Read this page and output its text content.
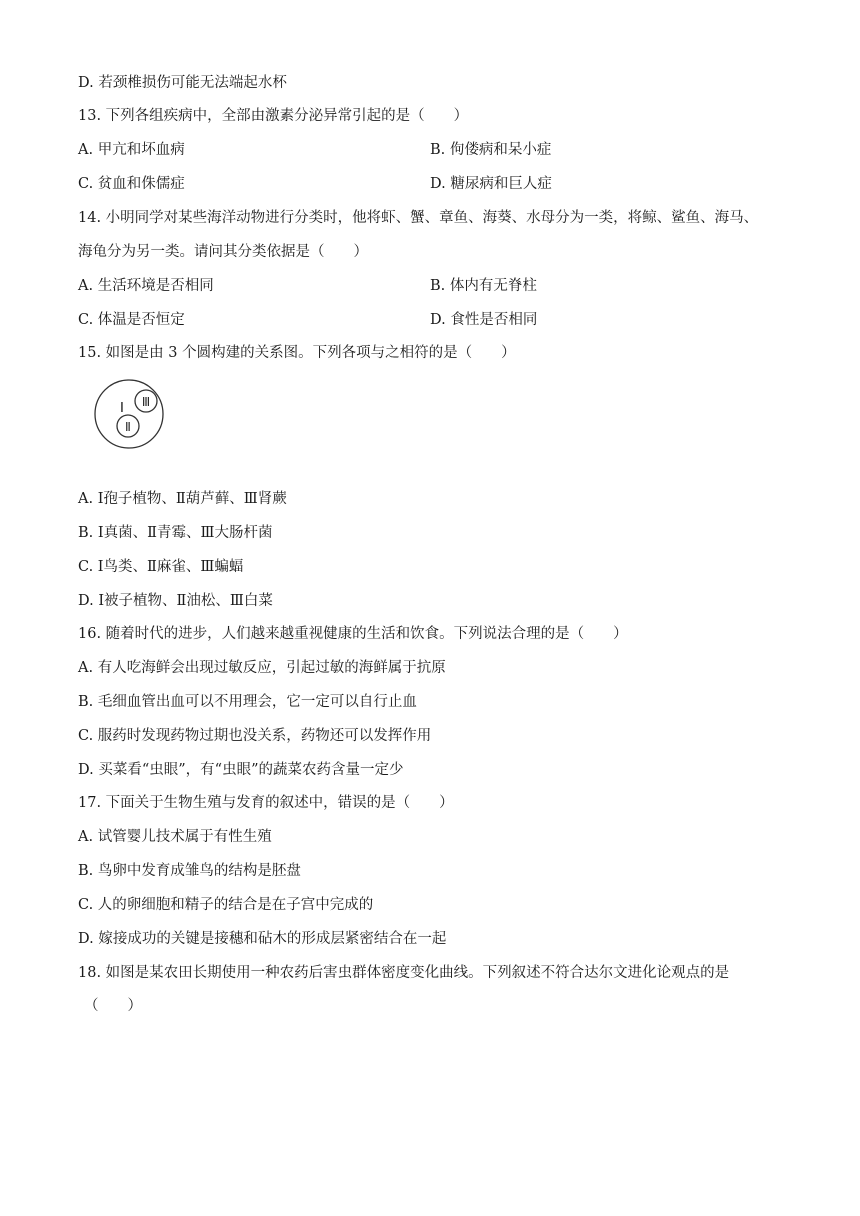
D. 若颈椎损伤可能无法端起水杯
13. 下列各组疾病中，全部由激素分泌异常引起的是（　　）
A. 甲亢和坏血病	B. 佝偻病和呆小症
C. 贫血和侏儒症	D. 糖尿病和巨人症
14. 小明同学对某些海洋动物进行分类时，他将虾、蟹、章鱼、海葵、水母分为一类，将鲸、鲨鱼、海马、
海龟分为另一类。请问其分类依据是（　　）
A. 生活环境是否相同	B. 体内有无脊柱
C. 体温是否恒定	D. 食性是否相同
15. 如图是由 3 个圆构建的关系图。下列各项与之相符的是（　　）
Ⅰ
Ⅱ
Ⅲ
A. Ⅰ孢子植物、Ⅱ葫芦藓、Ⅲ肾蕨
B. Ⅰ真菌、Ⅱ青霉、Ⅲ大肠杆菌
C. Ⅰ鸟类、Ⅱ麻雀、Ⅲ蝙蝠
D. Ⅰ被子植物、Ⅱ油松、Ⅲ白菜
16. 随着时代的进步，人们越来越重视健康的生活和饮食。下列说法合理的是（　　）
A. 有人吃海鲜会出现过敏反应，引起过敏的海鲜属于抗原
B. 毛细血管出血可以不用理会，它一定可以自行止血
C. 服药时发现药物过期也没关系，药物还可以发挥作用
D. 买菜看“虫眼”，有“虫眼”的蔬菜农药含量一定少
17. 下面关于生物生殖与发育的叙述中，错误的是（　　）
A. 试管婴儿技术属于有性生殖
B. 鸟卵中发育成雏鸟的结构是胚盘
C. 人的卵细胞和精子的结合是在子宫中完成的
D. 嫁接成功的关键是接穗和砧木的形成层紧密结合在一起
18. 如图是某农田长期使用一种农药后害虫群体密度变化曲线。下列叙述不符合达尔文进化论观点的是
（　　）
